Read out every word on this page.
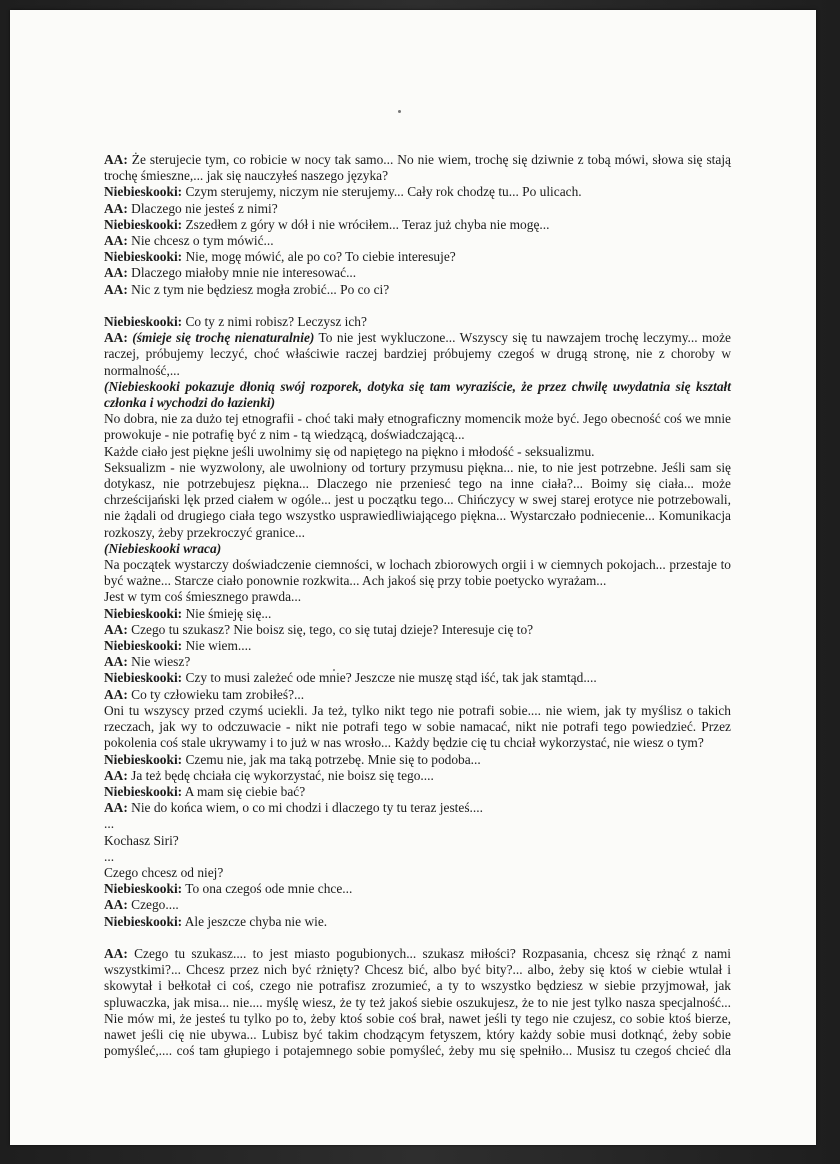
AA: Że sterujecie tym, co robicie w nocy tak samo... No nie wiem, trochę się dziwnie z tobą mówi, słowa się stają
trochę śmieszne,... jak się nauczyłeś naszego języka?
Niebieskooki: Czym sterujemy, niczym nie sterujemy... Cały rok chodzę tu... Po ulicach.
AA: Dlaczego nie jesteś z nimi?
Niebieskooki: Zszedłem z góry w dół i nie wróciłem... Teraz już chyba nie mogę...
AA: Nie chcesz o tym mówić...
Niebieskooki: Nie, mogę mówić, ale po co? To ciebie interesuje?
AA: Dlaczego miałoby mnie nie interesować...
AA: Nic z tym nie będziesz mogła zrobić... Po co ci?
Niebieskooki: Co ty z nimi robisz? Leczysz ich?
AA: (śmieje się trochę nienaturalnie) To nie jest wykluczone... Wszyscy się tu nawzajem trochę leczymy... może
raczej, próbujemy leczyć, choć właściwie raczej bardziej próbujemy czegoś w drugą stronę, nie z choroby w
normalność,...
(Niebieskooki pokazuje dłonią swój rozporek, dotyka się tam wyraziście, że przez chwilę uwydatnia się kształt
członka i wychodzi do łazienki)
No dobra, nie za dużo tej etnografii - choć taki mały etnograficzny momencik może być. Jego obecność coś we mnie
prowokuje - nie potrafię być z nim - tą wiedzącą, doświadczającą...
Każde ciało jest piękne jeśli uwolnimy się od napiętego na piękno i młodość - seksualizmu.
Seksualizm - nie wyzwolony, ale uwolniony od tortury przymusu piękna... nie, to nie jest potrzebne. Jeśli sam się
dotykasz, nie potrzebujesz piękna... Dlaczego nie przeniesć tego na inne ciała?... Boimy się ciała... może
chrześcijański lęk przed ciałem w ogóle... jest u początku tego... Chińczycy w swej starej erotyce nie potrzebowali,
nie żądali od drugiego ciała tego wszystko usprawiedliwiającego piękna... Wystarczało podniecenie... Komunikacja
rozkoszy, żeby przekroczyć granice...
(Niebieskooki wraca)
Na początek wystarczy doświadczenie ciemności, w lochach zbiorowych orgii i w ciemnych pokojach... przestaje to
być ważne... Starcze ciało ponownie rozkwita... Ach jakoś się przy tobie poetycko wyrażam...
Jest w tym coś śmiesznego prawda...
Niebieskooki: Nie śmieję się...
AA: Czego tu szukasz? Nie boisz się, tego, co się tutaj dzieje? Interesuje cię to?
Niebieskooki: Nie wiem....
AA: Nie wiesz?
Niebieskooki: Czy to musi zależeć ode mnie? Jeszcze nie muszę stąd iść, tak jak stamtąd....
AA: Co ty człowieku tam zrobiłeś?...
Oni tu wszyscy przed czymś uciekli. Ja też, tylko nikt tego nie potrafi sobie.... nie wiem, jak ty myślisz o takich
rzeczach, jak wy to odczuwacie - nikt nie potrafi tego w sobie namacać, nikt nie potrafi tego powiedzieć. Przez
pokolenia coś stale ukrywamy i to już w nas wrosło... Każdy będzie cię tu chciał wykorzystać, nie wiesz o tym?
Niebieskooki: Czemu nie, jak ma taką potrzebę. Mnie się to podoba...
AA: Ja też będę chciała cię wykorzystać, nie boisz się tego....
Niebieskooki: A mam się ciebie bać?
AA: Nie do końca wiem, o co mi chodzi i dlaczego ty tu teraz jesteś....
...
Kochasz Siri?
...
Czego chcesz od niej?
Niebieskooki: To ona czegoś ode mnie chce...
AA: Czego....
Niebieskooki: Ale jeszcze chyba nie wie.
AA: Czego tu szukasz.... to jest miasto pogubionych... szukasz miłości? Rozpasania, chcesz się rżnąć z nami
wszystkimi?... Chcesz przez nich być rżnięty? Chcesz bić, albo być bity?... albo, żeby się ktoś w ciebie wtulał i
skowytał i bełkotał ci coś, czego nie potrafisz zrozumieć, a ty to wszystko będziesz w siebie przyjmował, jak
spluwaczka, jak misa... nie.... myślę wiesz, że ty też jakoś siebie oszukujesz, że to nie jest tylko nasza specjalność...
Nie mów mi, że jesteś tu tylko po to, żeby ktoś sobie coś brał, nawet jeśli ty tego nie czujesz, co sobie ktoś bierze,
nawet jeśli cię nie ubywa... Lubisz być takim chodzącym fetyszem, który każdy sobie musi dotknąć, żeby sobie
pomyśleć,.... coś tam głupiego i potajemnego sobie pomyśleć, żeby mu się spełniło... Musisz tu czegoś chcieć dla
